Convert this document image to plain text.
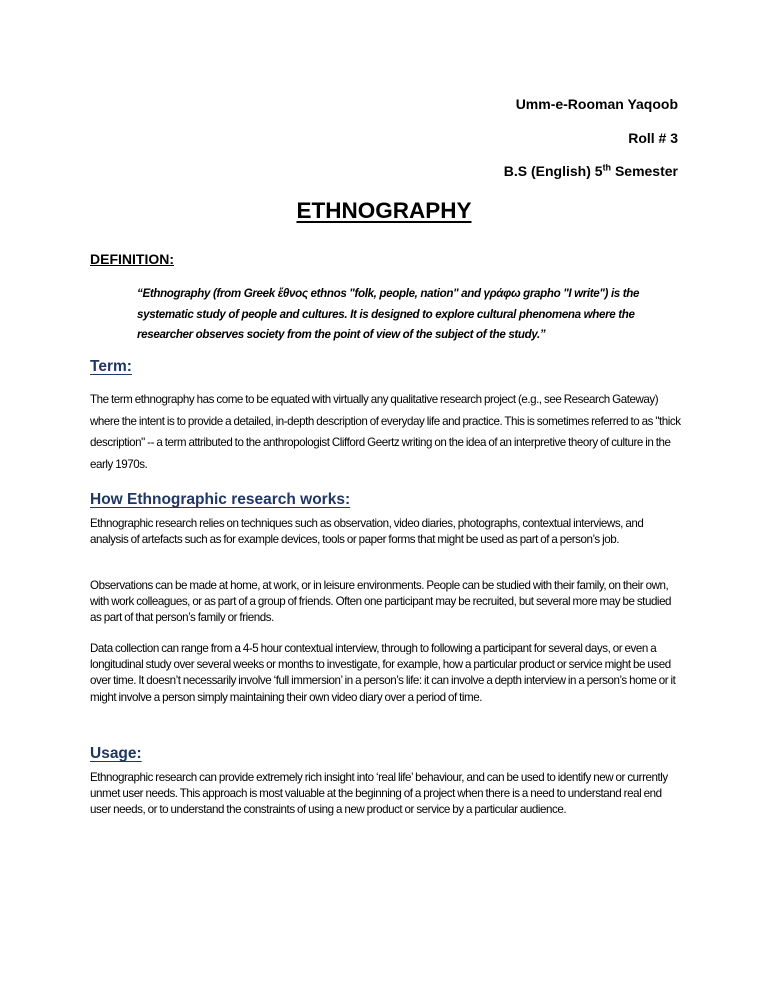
Umm-e-Rooman Yaqoob
Roll # 3
B.S (English) 5th Semester
ETHNOGRAPHY
DEFINITION:
“Ethnography (from Greek ἔθνος ethnos "folk, people, nation" and γράφω grapho "I write") is the systematic study of people and cultures. It is designed to explore cultural phenomena where the researcher observes society from the point of view of the subject of the study.”
Term:
The term ethnography has come to be equated with virtually any qualitative research project (e.g., see Research Gateway) where the intent is to provide a detailed, in-depth description of everyday life and practice. This is sometimes referred to as "thick description" -- a term attributed to the anthropologist Clifford Geertz writing on the idea of an interpretive theory of culture in the early 1970s.
How Ethnographic research works:
Ethnographic research relies on techniques such as observation, video diaries, photographs, contextual interviews, and analysis of artefacts such as for example devices, tools or paper forms that might be used as part of a person’s job.
Observations can be made at home, at work, or in leisure environments. People can be studied with their family, on their own, with work colleagues, or as part of a group of friends. Often one participant may be recruited, but several more may be studied as part of that person’s family or friends.
Data collection can range from a 4-5 hour contextual interview, through to following a participant for several days, or even a longitudinal study over several weeks or months to investigate, for example, how a particular product or service might be used over time. It doesn’t necessarily involve ‘full immersion’ in a person’s life: it can involve a depth interview in a person’s home or it might involve a person simply maintaining their own video diary over a period of time.
Usage:
Ethnographic research can provide extremely rich insight into ‘real life’ behaviour, and can be used to identify new or currently unmet user needs. This approach is most valuable at the beginning of a project when there is a need to understand real end user needs, or to understand the constraints of using a new product or service by a particular audience.
